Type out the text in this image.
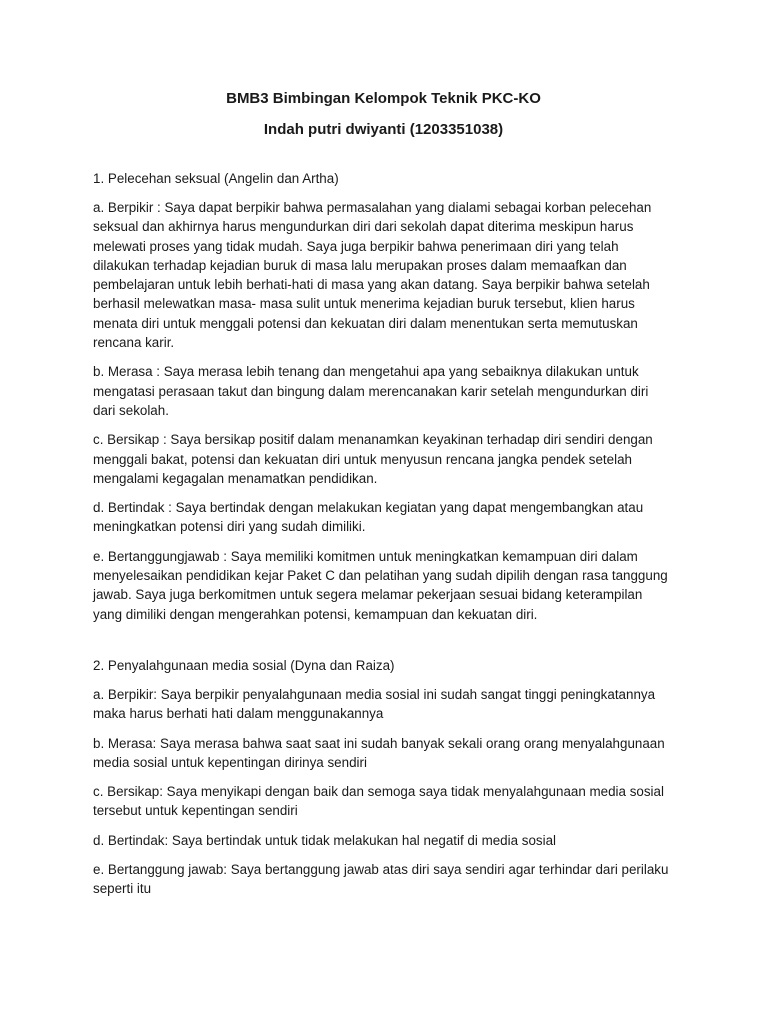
BMB3 Bimbingan Kelompok Teknik PKC-KO

Indah putri dwiyanti (1203351038)

1. Pelecehan seksual (Angelin dan Artha)

a. Berpikir : Saya dapat berpikir bahwa permasalahan yang dialami sebagai korban pelecehan seksual dan akhirnya harus mengundurkan diri dari sekolah dapat diterima meskipun harus melewati proses yang tidak mudah. Saya juga berpikir bahwa penerimaan diri yang telah dilakukan terhadap kejadian buruk di masa lalu merupakan proses dalam memaafkan dan pembelajaran untuk lebih berhati-hati di masa yang akan datang. Saya berpikir bahwa setelah berhasil melewatkan masa- masa sulit untuk menerima kejadian buruk tersebut, klien harus menata diri untuk menggali potensi dan kekuatan diri dalam menentukan serta memutuskan rencana karir.

b. Merasa : Saya merasa lebih tenang dan mengetahui apa yang sebaiknya dilakukan untuk mengatasi perasaan takut dan bingung dalam merencanakan karir setelah mengundurkan diri dari sekolah.

c. Bersikap : Saya bersikap positif dalam menanamkan keyakinan terhadap diri sendiri dengan menggali bakat, potensi dan kekuatan diri untuk menyusun rencana jangka pendek setelah mengalami kegagalan menamatkan pendidikan.

d. Bertindak : Saya bertindak dengan melakukan kegiatan yang dapat mengembangkan atau meningkatkan potensi diri yang sudah dimiliki.

e. Bertanggungjawab : Saya memiliki komitmen untuk meningkatkan kemampuan diri dalam menyelesaikan pendidikan kejar Paket C dan pelatihan yang sudah dipilih dengan rasa tanggung jawab. Saya juga berkomitmen untuk segera melamar pekerjaan sesuai bidang keterampilan yang dimiliki dengan mengerahkan potensi, kemampuan dan kekuatan diri.

2. Penyalahgunaan media sosial (Dyna dan Raiza)

a. Berpikir: Saya berpikir penyalahgunaan media sosial ini sudah sangat tinggi peningkatannya maka harus berhati hati dalam menggunakannya

b. Merasa: Saya merasa bahwa saat saat ini sudah banyak sekali orang orang menyalahgunaan media sosial untuk kepentingan dirinya sendiri

c. Bersikap: Saya menyikapi dengan baik dan semoga saya tidak menyalahgunaan media sosial tersebut untuk kepentingan sendiri

d. Bertindak: Saya bertindak untuk tidak melakukan hal negatif di media sosial

e. Bertanggung jawab: Saya bertanggung jawab atas diri saya sendiri agar terhindar dari perilaku seperti itu
